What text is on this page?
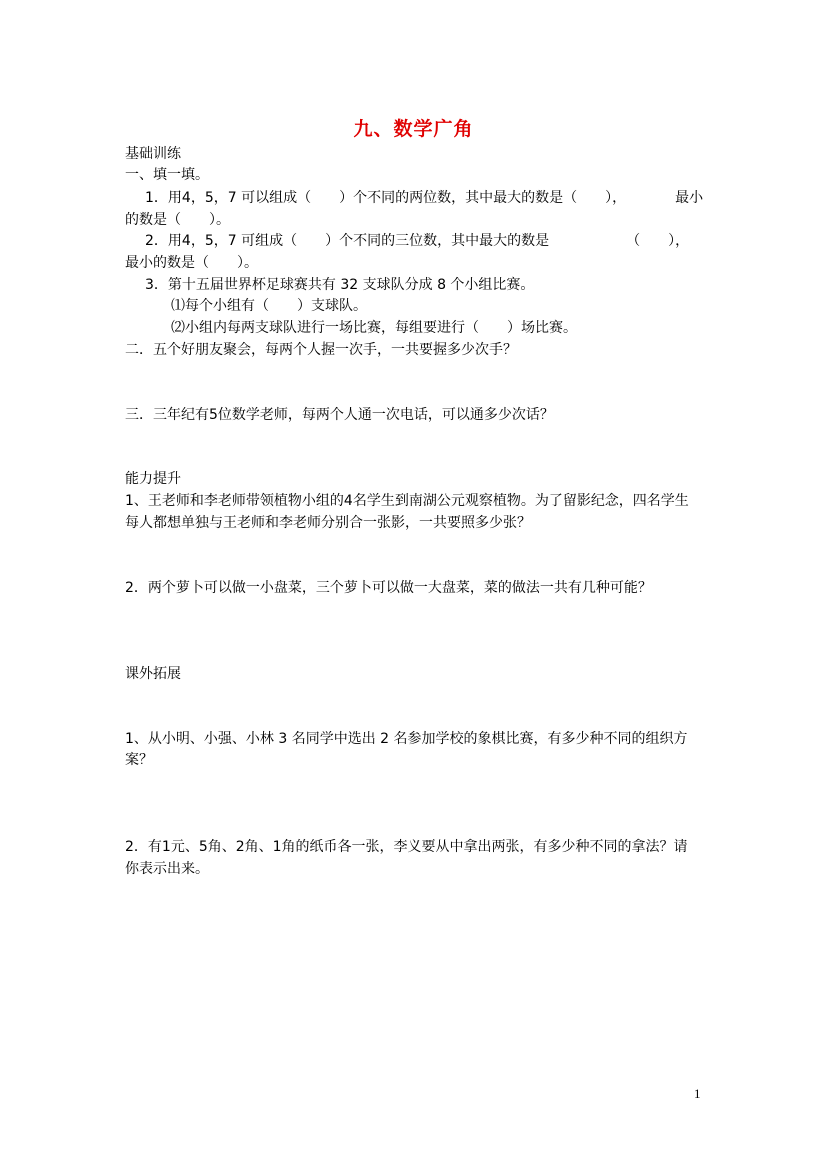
九、数学广角
基础训练
一、填一填。
1．用4，5，7 可以组成（　　）个不同的两位数，其中最大的数是（　　），　　　　最小
的数是（　　）。
2．用4，5，7 可组成（　　）个不同的三位数，其中最大的数是　　　　　　（　　），
最小的数是（　　）。
3．第十五届世界杯足球赛共有 32 支球队分成 8 个小组比赛。
⑴每个小组有（　　）支球队。
⑵小组内每两支球队进行一场比赛，每组要进行（　　）场比赛。
二．五个好朋友聚会，每两个人握一次手，一共要握多少次手？
三．三年纪有5位数学老师，每两个人通一次电话，可以通多少次话？
能力提升
1、王老师和李老师带领植物小组的4名学生到南湖公元观察植物。为了留影纪念，四名学生
每人都想单独与王老师和李老师分别合一张影，一共要照多少张？
2．两个萝卜可以做一小盘菜，三个萝卜可以做一大盘菜，菜的做法一共有几种可能？
课外拓展
1、从小明、小强、小林 3 名同学中选出 2 名参加学校的象棋比赛，有多少种不同的组织方
案？
2．有1元、5角、2角、1角的纸币各一张，李义要从中拿出两张，有多少种不同的拿法？请
你表示出来。
1
